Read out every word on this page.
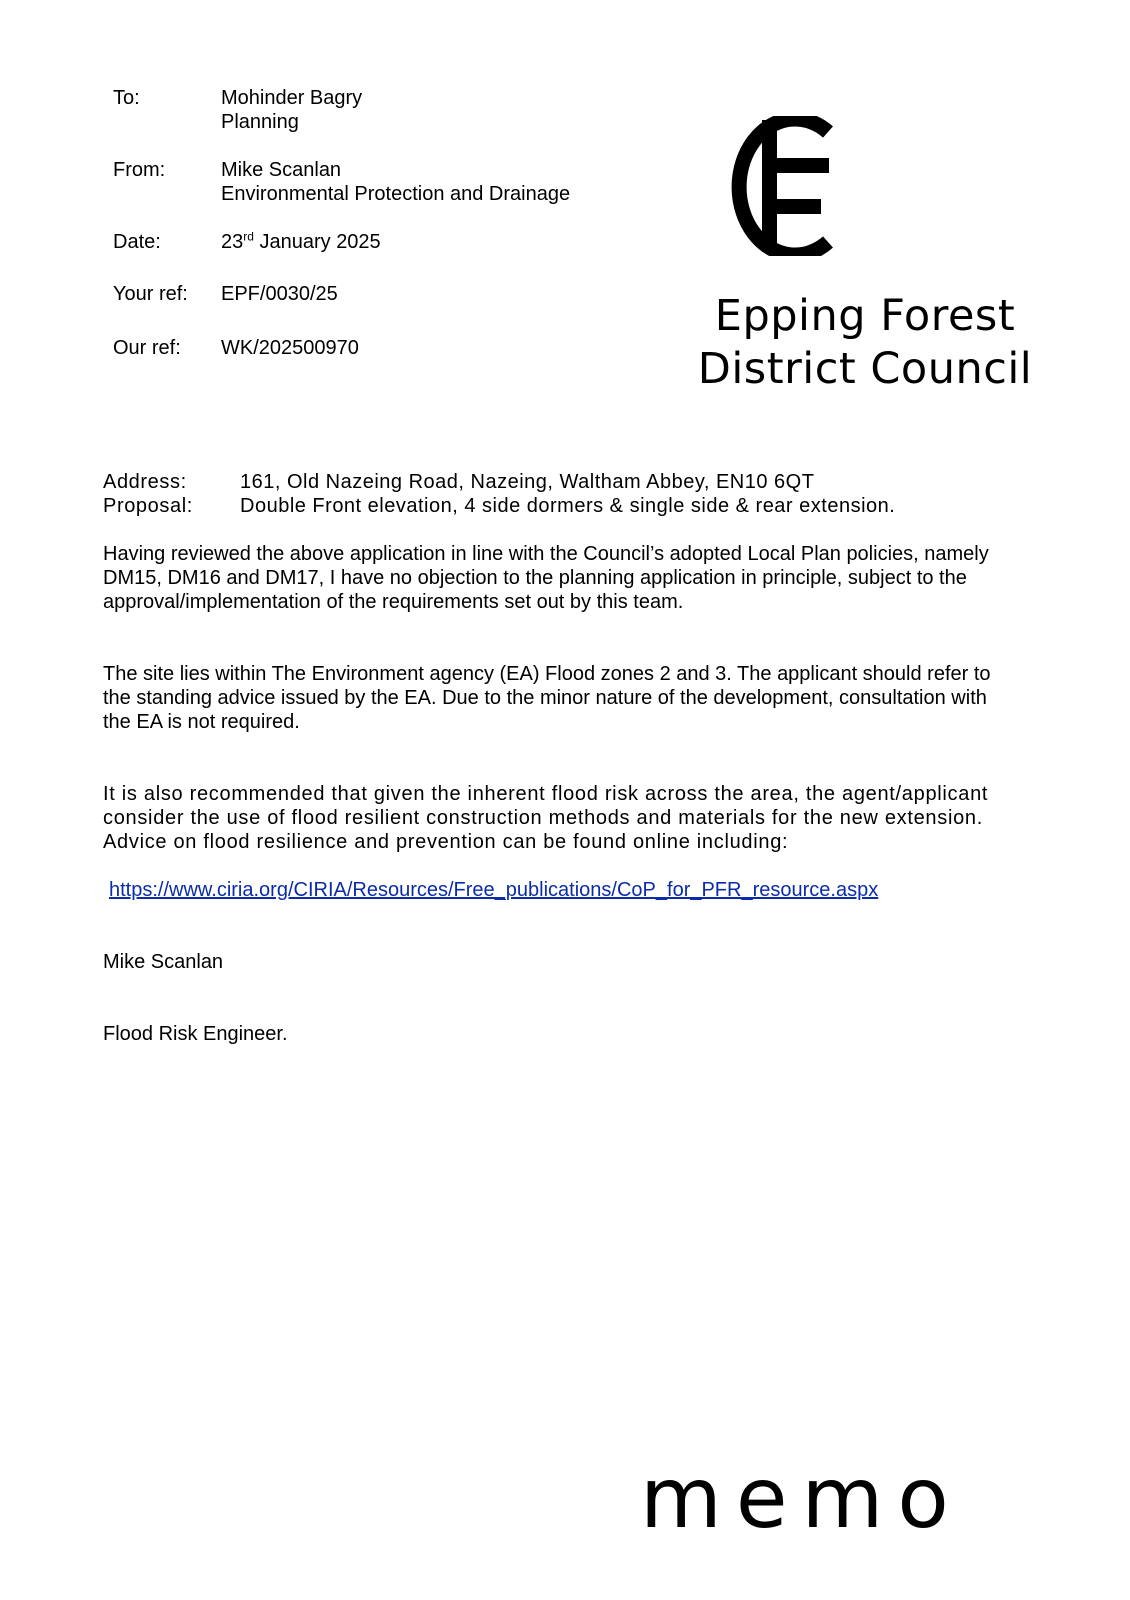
To:	Mohinder Bagry
Planning
From:	Mike Scanlan
Environmental Protection and Drainage
Date:	23rd January 2025
Your ref: EPF/0030/25
Our ref: WK/202500970
Epping Forest
District Council
Address:	161, Old Nazeing Road, Nazeing, Waltham Abbey, EN10 6QT
Proposal: Double Front elevation, 4 side dormers & single side & rear extension.
Having reviewed the above application in line with the Council’s adopted Local Plan policies, namely DM15, DM16 and DM17, I have no objection to the planning application in principle, subject to the approval/implementation of the requirements set out by this team.
The site lies within The Environment agency (EA) Flood zones 2 and 3. The applicant should refer to the standing advice issued by the EA. Due to the minor nature of the development, consultation with the EA is not required.
It is also recommended that given the inherent flood risk across the area, the agent/applicant consider the use of flood resilient construction methods and materials for the new extension. Advice on flood resilience and prevention can be found online including:
https://www.ciria.org/CIRIA/Resources/Free_publications/CoP_for_PFR_resource.aspx
Mike Scanlan
Flood Risk Engineer.
memo
